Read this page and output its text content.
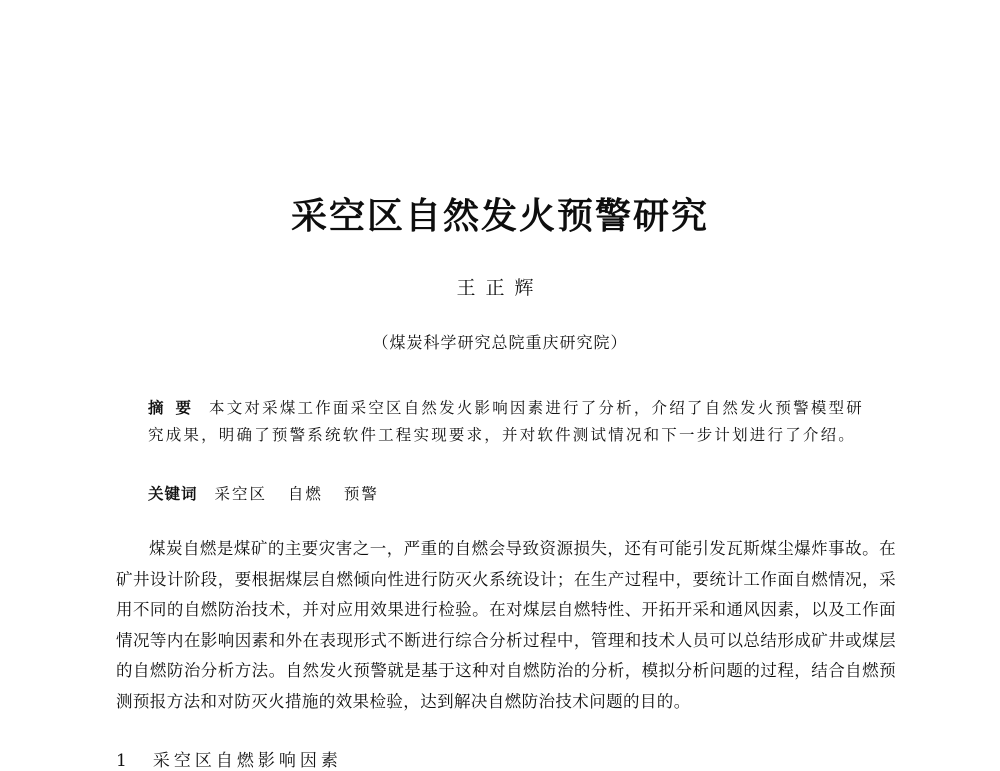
采空区自然发火预警研究
王正辉
（煤炭科学研究总院重庆研究院）
摘要 本文对采煤工作面采空区自然发火影响因素进行了分析，介绍了自然发火预警模型研究成果，明确了预警系统软件工程实现要求，并对软件测试情况和下一步计划进行了介绍。
关键词 采空区 自燃 预警
煤炭自燃是煤矿的主要灾害之一，严重的自燃会导致资源损失，还有可能引发瓦斯煤尘爆炸事故。在矿井设计阶段，要根据煤层自燃倾向性进行防灭火系统设计；在生产过程中，要统计工作面自燃情况，采用不同的自燃防治技术，并对应用效果进行检验。在对煤层自燃特性、开拓开采和通风因素，以及工作面情况等内在影响因素和外在表现形式不断进行综合分析过程中，管理和技术人员可以总结形成矿井或煤层的自燃防治分析方法。自然发火预警就是基于这种对自燃防治的分析，模拟分析问题的过程，结合自燃预测预报方法和对防灭火措施的效果检验，达到解决自燃防治技术问题的目的。
1 采空区自燃影响因素
